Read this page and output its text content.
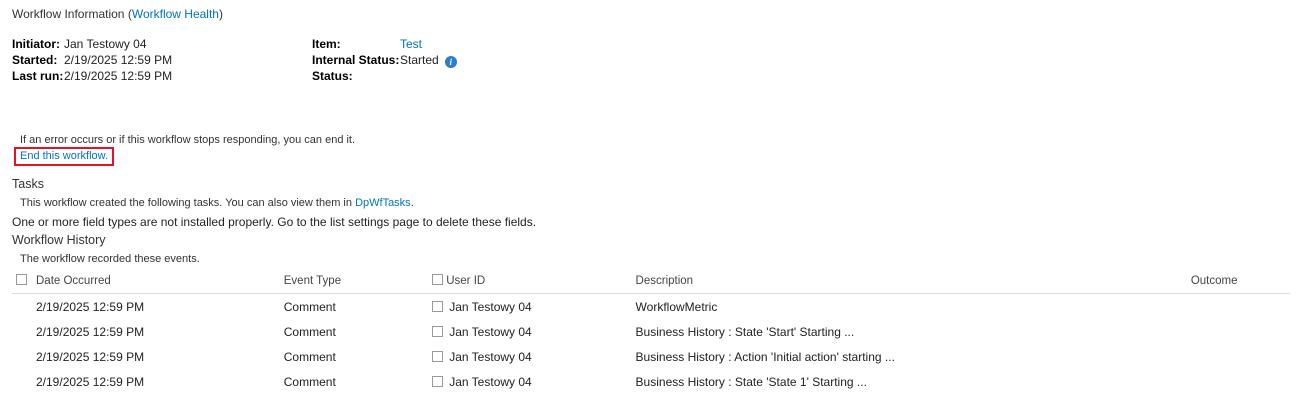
Workflow Information (Workflow Health)
Initiator: Jan Testowy 04
Started: 2/19/2025 12:59 PM
Last run: 2/19/2025 12:59 PM
Item:	Test
Internal Status: Started	i
Status:
If an error occurs or if this workflow stops responding, you can end it.
End this workflow.
Tasks
This workflow created the following tasks. You can also view them in DpWfTasks.
One or more field types are not installed properly. Go to the list settings page to delete these fields.
Workflow History
The workflow recorded these events.
Date Occurred	Event Type	User ID	Description	Outcome
2/19/2025 12:59 PM	Comment	Jan Testowy 04	WorkflowMetric	
2/19/2025 12:59 PM	Comment	Jan Testowy 04	Business History : State 'Start' Starting ...	
2/19/2025 12:59 PM	Comment	Jan Testowy 04	Business History : Action 'Initial action' starting ...	
2/19/2025 12:59 PM	Comment	Jan Testowy 04	Business History : State 'State 1' Starting ...	
